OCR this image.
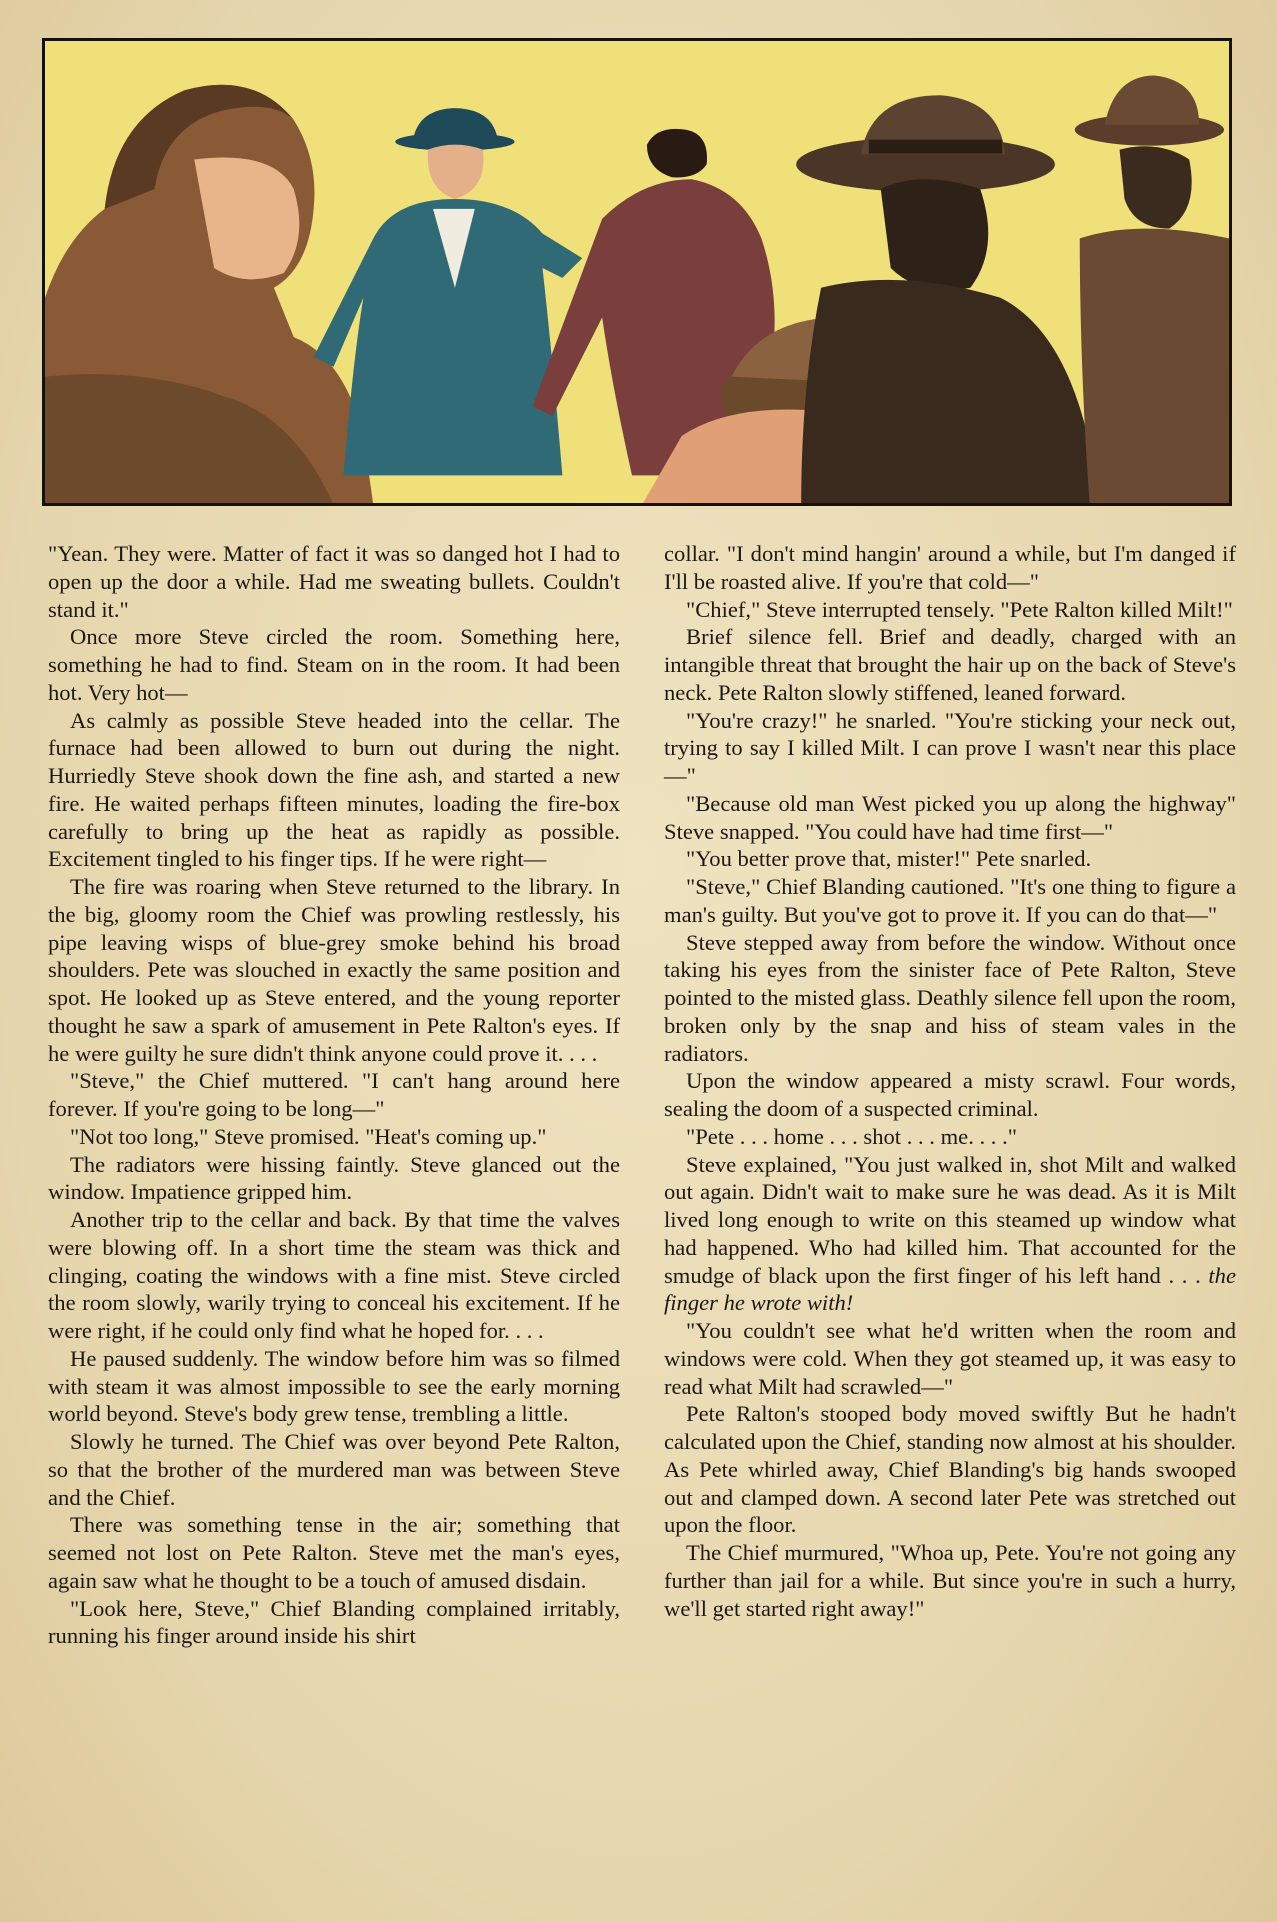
"Yean. They were. Matter of fact it was so danged hot I had to open up the door a while. Had me sweating bullets. Couldn't stand it."

Once more Steve circled the room. Something here, something he had to find. Steam on in the room. It had been hot. Very hot—

As calmly as possible Steve headed into the cellar. The furnace had been allowed to burn out during the night. Hurriedly Steve shook down the fine ash, and started a new fire. He waited perhaps fifteen minutes, loading the fire-box carefully to bring up the heat as rapidly as possible. Excitement tingled to his finger tips. If he were right—

The fire was roaring when Steve returned to the library. In the big, gloomy room the Chief was prowling restlessly, his pipe leaving wisps of blue-grey smoke behind his broad shoulders. Pete was slouched in exactly the same position and spot. He looked up as Steve entered, and the young reporter thought he saw a spark of amusement in Pete Ralton's eyes. If he were guilty he sure didn't think anyone could prove it. . . .

"Steve," the Chief muttered. "I can't hang around here forever. If you're going to be long—"

"Not too long," Steve promised. "Heat's coming up."

The radiators were hissing faintly. Steve glanced out the window. Impatience gripped him.

Another trip to the cellar and back. By that time the valves were blowing off. In a short time the steam was thick and clinging, coating the windows with a fine mist. Steve circled the room slowly, warily trying to conceal his excitement. If he were right, if he could only find what he hoped for. . . .

He paused suddenly. The window before him was so filmed with steam it was almost impossible to see the early morning world beyond. Steve's body grew tense, trembling a little.

Slowly he turned. The Chief was over beyond Pete Ralton, so that the brother of the murdered man was between Steve and the Chief.

There was something tense in the air; something that seemed not lost on Pete Ralton. Steve met the man's eyes, again saw what he thought to be a touch of amused disdain.

"Look here, Steve," Chief Blanding complained irritably, running his finger around inside his shirt

collar. "I don't mind hangin' around a while, but I'm danged if I'll be roasted alive. If you're that cold—"

"Chief," Steve interrupted tensely. "Pete Ralton killed Milt!"

Brief silence fell. Brief and deadly, charged with an intangible threat that brought the hair up on the back of Steve's neck. Pete Ralton slowly stiffened, leaned forward.

"You're crazy!" he snarled. "You're sticking your neck out, trying to say I killed Milt. I can prove I wasn't near this place—"

"Because old man West picked you up along the highway" Steve snapped. "You could have had time first—"

"You better prove that, mister!" Pete snarled.

"Steve," Chief Blanding cautioned. "It's one thing to figure a man's guilty. But you've got to prove it. If you can do that—"

Steve stepped away from before the window. Without once taking his eyes from the sinister face of Pete Ralton, Steve pointed to the misted glass. Deathly silence fell upon the room, broken only by the snap and hiss of steam vales in the radiators.

Upon the window appeared a misty scrawl. Four words, sealing the doom of a suspected criminal.

"Pete . . . home . . . shot . . . me. . . ."

Steve explained, "You just walked in, shot Milt and walked out again. Didn't wait to make sure he was dead. As it is Milt lived long enough to write on this steamed up window what had happened. Who had killed him. That accounted for the smudge of black upon the first finger of his left hand . . . the finger he wrote with!

"You couldn't see what he'd written when the room and windows were cold. When they got steamed up, it was easy to read what Milt had scrawled—"

Pete Ralton's stooped body moved swiftly But he hadn't calculated upon the Chief, standing now almost at his shoulder. As Pete whirled away, Chief Blanding's big hands swooped out and clamped down. A second later Pete was stretched out upon the floor.

The Chief murmured, "Whoa up, Pete. You're not going any further than jail for a while. But since you're in such a hurry, we'll get started right away!"
